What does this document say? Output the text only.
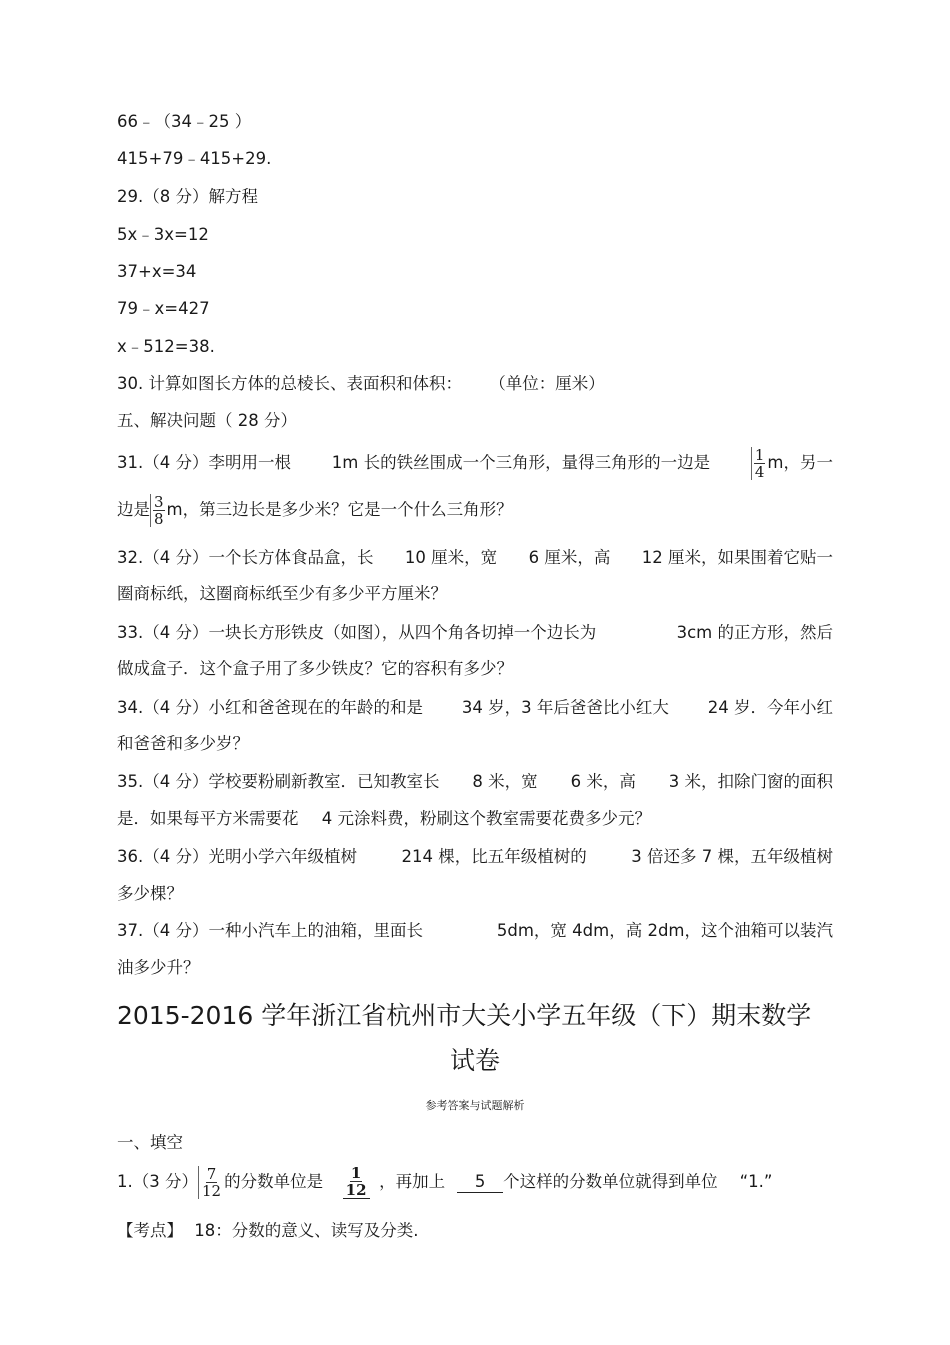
66﹣（34﹣25 ）
415+79﹣415+29.
29.（8 分）解方程
5x﹣3x=12
37+x=34
79﹣x=427
x﹣512=38.
30. 计算如图长方体的总棱长、表面积和体积： （单位：厘米）
五、解决问题（ 28 分）
31.（4 分）李明用一根 1m 长的铁丝围成一个三角形，量得三角形的一边是	$\frac{1}{4}$ m，另一
边是 $\frac{3}{8}$ m，第三边长是多少米？它是一个什么三角形？
32.（4 分）一个长方体食品盒，长 10 厘米，宽 6 厘米，高 12 厘米，如果围着它贴一
圈商标纸，这圈商标纸至少有多少平方厘米？
33.（4 分）一块长方形铁皮（如图），从四个角各切掉一个边长为	3cm 的正方形，然后
做成盒子．这个盒子用了多少铁皮？它的容积有多少？
34.（4 分）小红和爸爸现在的年龄的和是 34 岁，3 年后爸爸比小红大 24 岁．今年小红
和爸爸和多少岁？
35.（4 分）学校要粉刷新教室．已知教室长 8 米，宽 6 米，高 3 米，扣除门窗的面积
是．如果每平方米需要花 4 元涂料费，粉刷这个教室需要花费多少元？
36.（4 分）光明小学六年级植树	214 棵，比五年级植树的	3 倍还多 7 棵，五年级植树
多少棵？
37.（4 分）一种小汽车上的油箱，里面长	5dm，宽 4dm，高 2dm，这个油箱可以装汽
油多少升？
2015-2016 学年浙江省杭州市大关小学五年级（下）期末数学
试卷
参考答案与试题解析
一、填空
1.（3 分） $\frac{7}{12}$ 的分数单位是 $\frac{1}{12}$ ，再加上	5	个这样的分数单位就得到单位 “1.”
【考点】 18：分数的意义、读写及分类.
